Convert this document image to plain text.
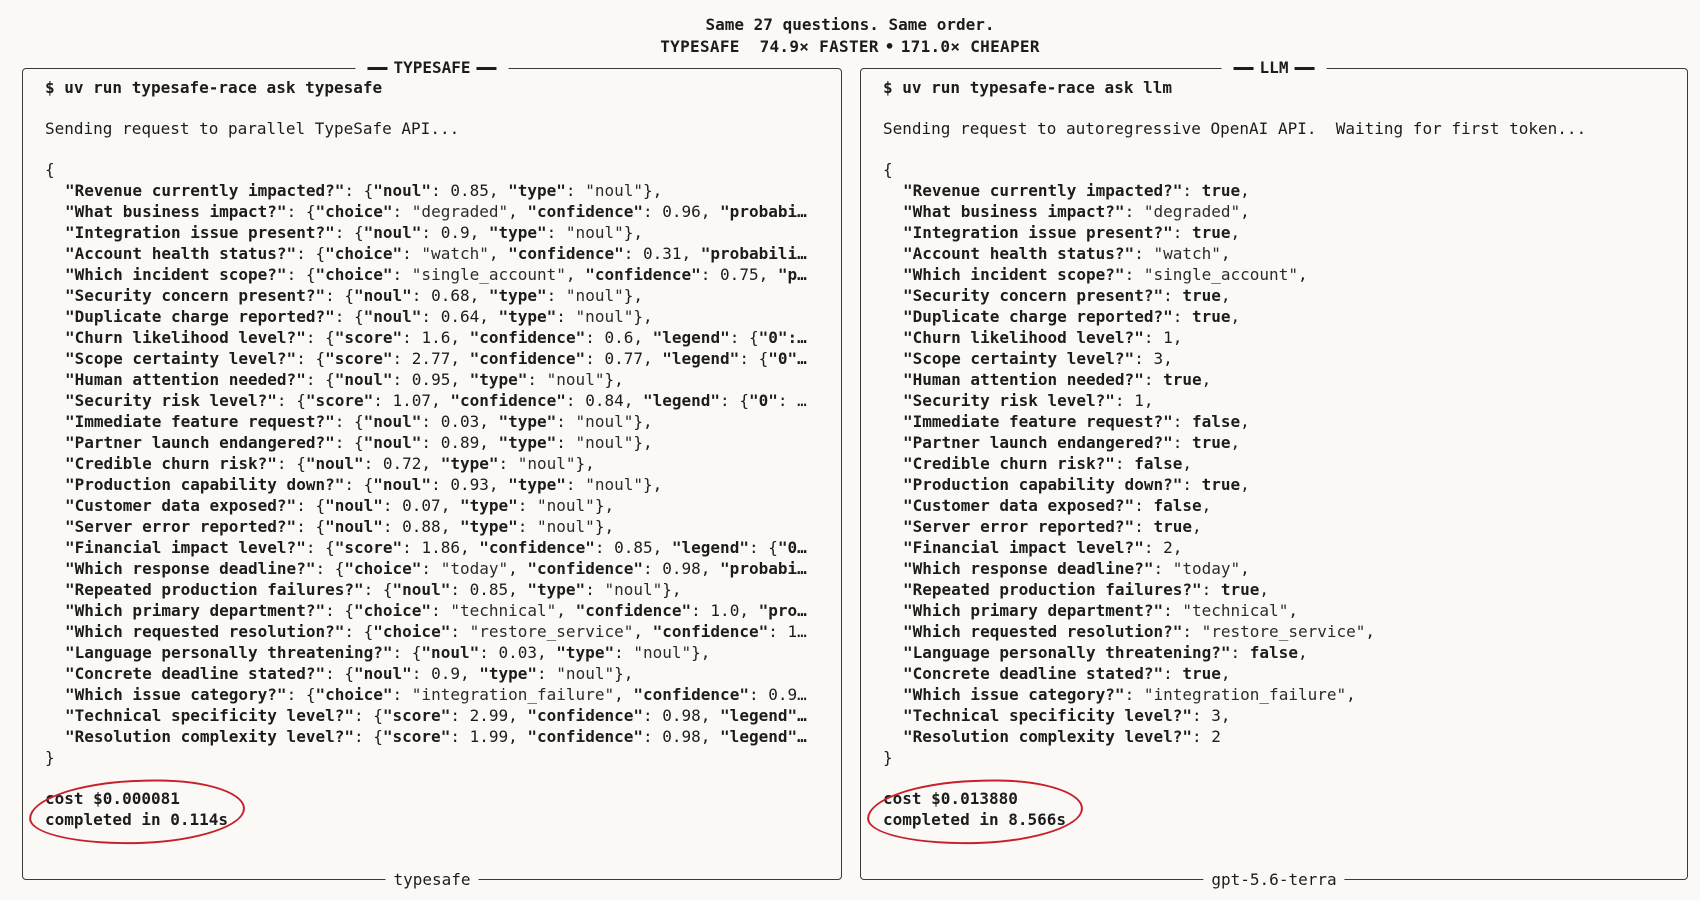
Same 27 questions. Same order.
TYPESAFE 74.9× FASTER • 171.0× CHEAPER
TYPESAFE
$ uv run typesafe-race ask typesafe
Sending request to parallel TypeSafe API...
{
"Revenue currently impacted?": {"noul": 0.85, "type": "noul"},
"What business impact?": {"choice": "degraded", "confidence": 0.96, "probabi…
"Integration issue present?": {"noul": 0.9, "type": "noul"},
"Account health status?": {"choice": "watch", "confidence": 0.31, "probabili…
"Which incident scope?": {"choice": "single_account", "confidence": 0.75, "p…
"Security concern present?": {"noul": 0.68, "type": "noul"},
"Duplicate charge reported?": {"noul": 0.64, "type": "noul"},
"Churn likelihood level?": {"score": 1.6, "confidence": 0.6, "legend": {"0":…
"Scope certainty level?": {"score": 2.77, "confidence": 0.77, "legend": {"0"…
"Human attention needed?": {"noul": 0.95, "type": "noul"},
"Security risk level?": {"score": 1.07, "confidence": 0.84, "legend": {"0": …
"Immediate feature request?": {"noul": 0.03, "type": "noul"},
"Partner launch endangered?": {"noul": 0.89, "type": "noul"},
"Credible churn risk?": {"noul": 0.72, "type": "noul"},
"Production capability down?": {"noul": 0.93, "type": "noul"},
"Customer data exposed?": {"noul": 0.07, "type": "noul"},
"Server error reported?": {"noul": 0.88, "type": "noul"},
"Financial impact level?": {"score": 1.86, "confidence": 0.85, "legend": {"0…
"Which response deadline?": {"choice": "today", "confidence": 0.98, "probabi…
"Repeated production failures?": {"noul": 0.85, "type": "noul"},
"Which primary department?": {"choice": "technical", "confidence": 1.0, "pro…
"Which requested resolution?": {"choice": "restore_service", "confidence": 1…
"Language personally threatening?": {"noul": 0.03, "type": "noul"},
"Concrete deadline stated?": {"noul": 0.9, "type": "noul"},
"Which issue category?": {"choice": "integration_failure", "confidence": 0.9…
"Technical specificity level?": {"score": 2.99, "confidence": 0.98, "legend"…
"Resolution complexity level?": {"score": 1.99, "confidence": 0.98, "legend"…
}
cost $0.000081
completed in 0.114s
typesafe
LLM
$ uv run typesafe-race ask llm
Sending request to autoregressive OpenAI API.  Waiting for first token...
{
"Revenue currently impacted?": true,
"What business impact?": "degraded",
"Integration issue present?": true,
"Account health status?": "watch",
"Which incident scope?": "single_account",
"Security concern present?": true,
"Duplicate charge reported?": true,
"Churn likelihood level?": 1,
"Scope certainty level?": 3,
"Human attention needed?": true,
"Security risk level?": 1,
"Immediate feature request?": false,
"Partner launch endangered?": true,
"Credible churn risk?": false,
"Production capability down?": true,
"Customer data exposed?": false,
"Server error reported?": true,
"Financial impact level?": 2,
"Which response deadline?": "today",
"Repeated production failures?": true,
"Which primary department?": "technical",
"Which requested resolution?": "restore_service",
"Language personally threatening?": false,
"Concrete deadline stated?": true,
"Which issue category?": "integration_failure",
"Technical specificity level?": 3,
"Resolution complexity level?": 2
}
cost $0.013880
completed in 8.566s
gpt-5.6-terra
